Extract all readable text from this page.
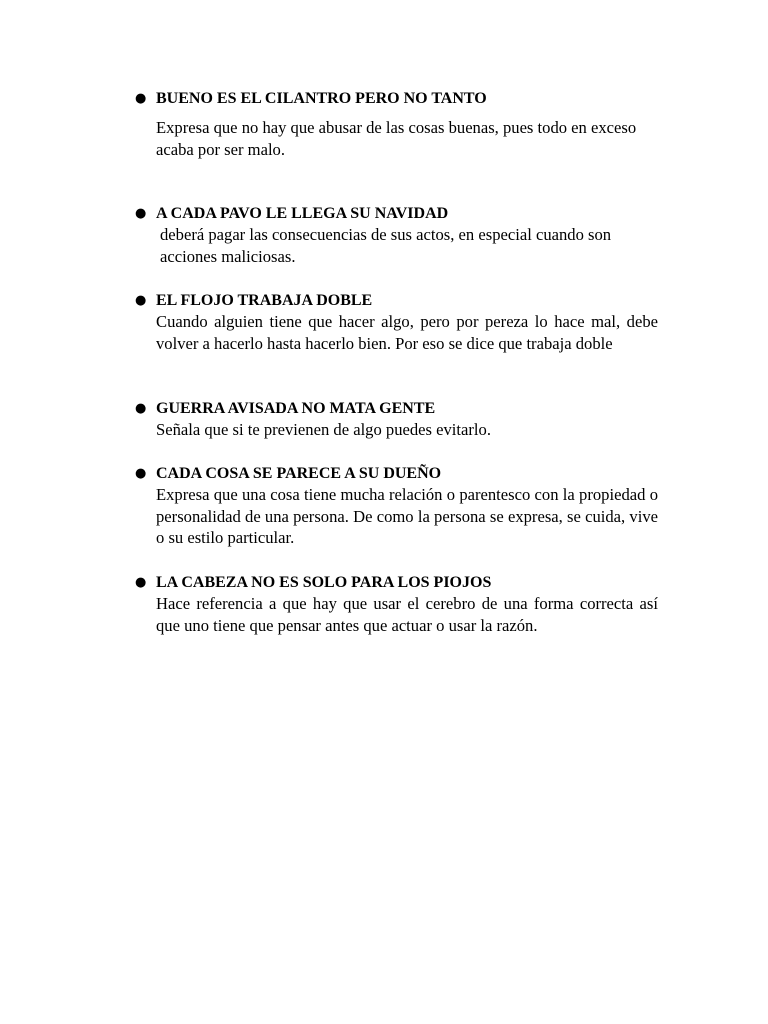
● BUENO ES EL CILANTRO PERO NO TANTO
Expresa que no hay que abusar de las cosas buenas, pues todo en exceso acaba por ser malo.
● A CADA PAVO LE LLEGA SU NAVIDAD
deberá pagar las consecuencias de sus actos, en especial cuando son acciones maliciosas.
● EL FLOJO TRABAJA DOBLE
Cuando alguien tiene que hacer algo, pero por pereza lo hace mal, debe volver a hacerlo hasta hacerlo bien. Por eso se dice que trabaja doble
● GUERRA AVISADA NO MATA GENTE
Señala que si te previenen de algo puedes evitarlo.
● CADA COSA SE PARECE A SU DUEÑO
Expresa que una cosa tiene mucha relación o parentesco con la propiedad o personalidad de una persona. De como la persona se expresa, se cuida, vive o su estilo particular.
● LA CABEZA NO ES SOLO PARA LOS PIOJOS
Hace referencia a que hay que usar el cerebro de una forma correcta así que uno tiene que pensar antes que actuar o usar la razón.
